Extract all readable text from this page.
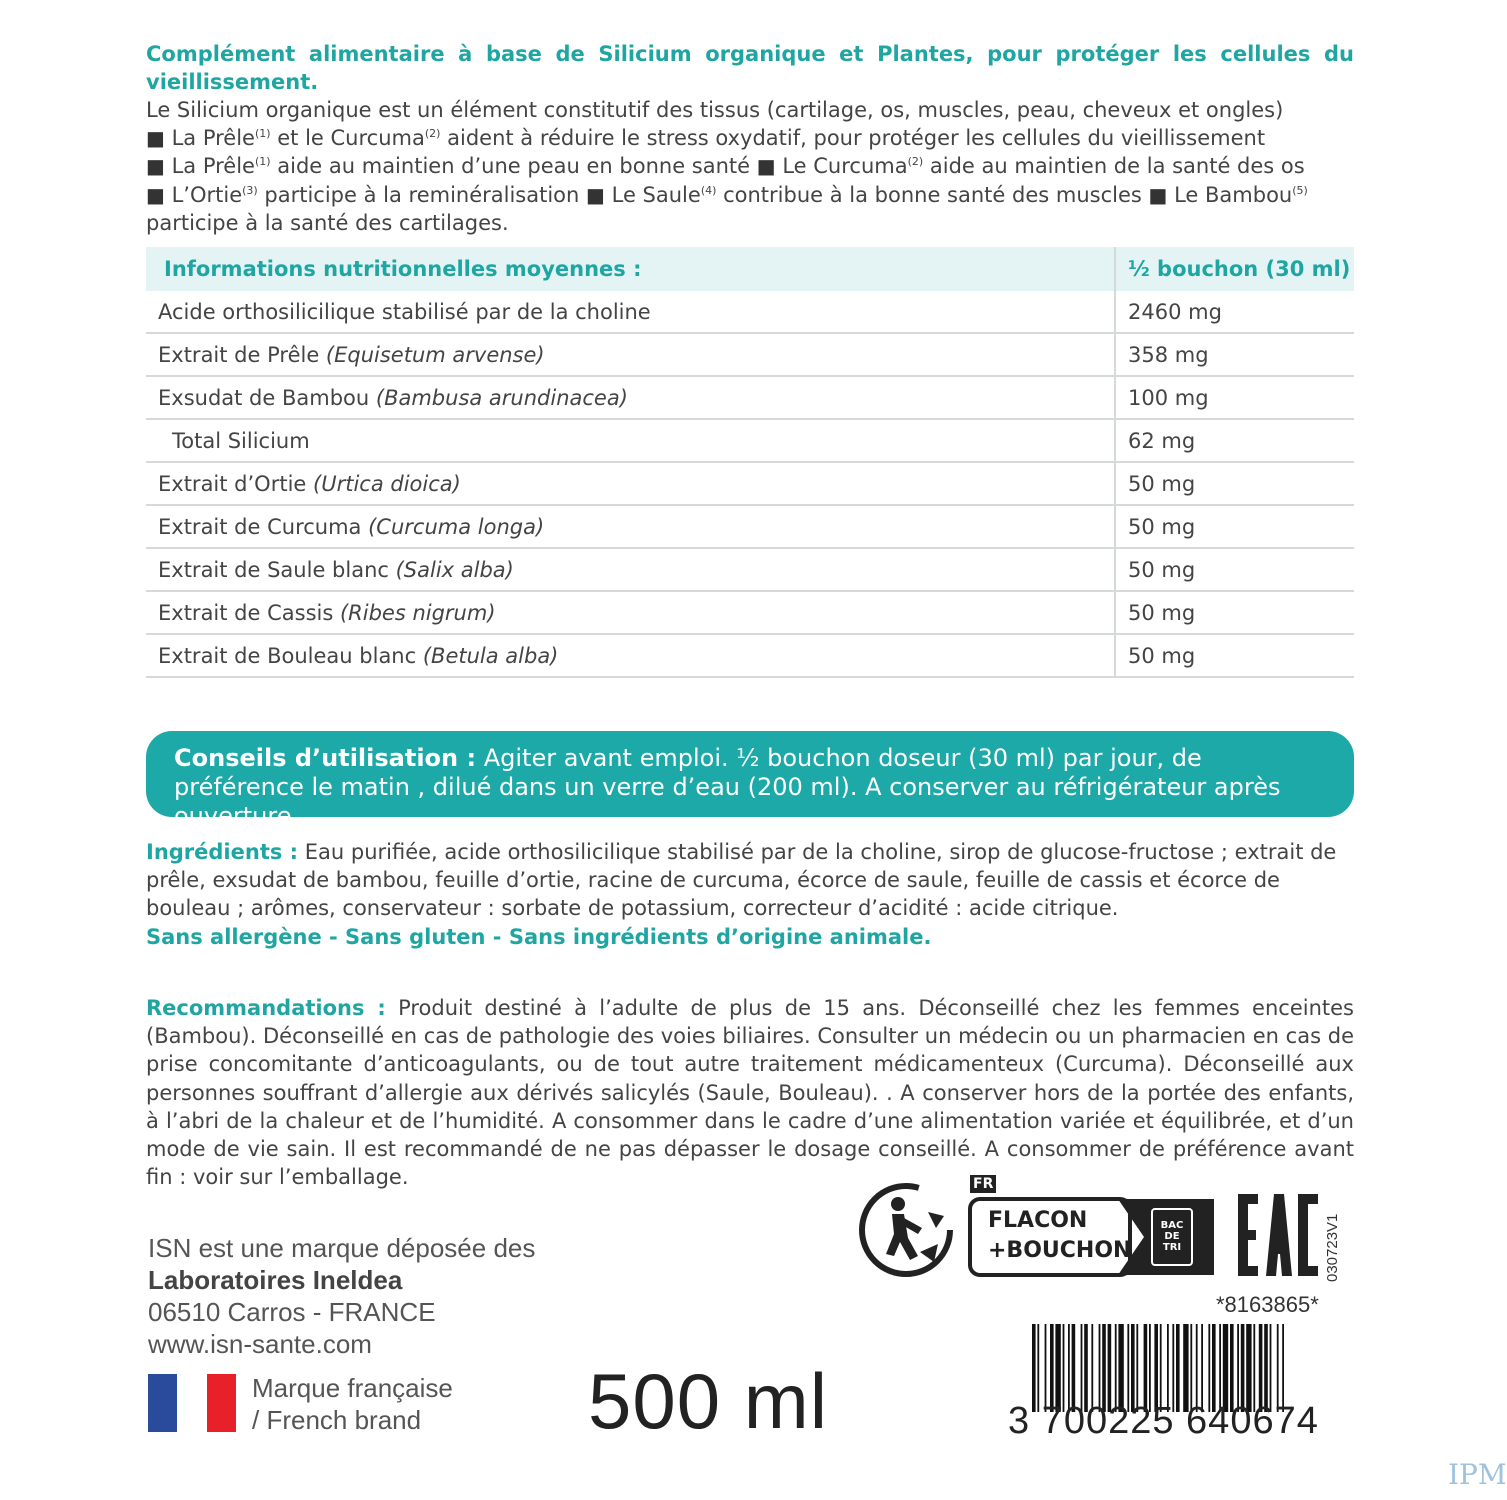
Complément alimentaire à base de Silicium organique et Plantes, pour protéger les cellules du vieillissement.

Le Silicium organique est un élément constitutif des tissus (cartilage, os, muscles, peau, cheveux et ongles)

■ La Prêle$^{(1)}$ et le Curcuma$^{(2)}$ aident à réduire le stress oxydatif, pour protéger les cellules du vieillissement

■ La Prêle$^{(1)}$ aide au maintien d’une peau en bonne santé ■ Le Curcuma$^{(2)}$ aide au maintien de la santé des os

■ L’Ortie$^{(3)}$ participe à la reminéralisation ■ Le Saule$^{(4)}$ contribue à la bonne santé des muscles ■ Le Bambou$^{(5)}$

participe à la santé des cartilages.

Informations nutritionnelles moyennes :	½ bouchon (30 ml)
Acide orthosilicilique stabilisé par de la choline	2460 mg
Extrait de Prêle (Equisetum arvense)	358 mg
Exsudat de Bambou (Bambusa arundinacea)	100 mg
Total Silicium	62 mg
Extrait d’Ortie (Urtica dioica)	50 mg
Extrait de Curcuma (Curcuma longa)	50 mg
Extrait de Saule blanc (Salix alba)	50 mg
Extrait de Cassis (Ribes nigrum)	50 mg
Extrait de Bouleau blanc (Betula alba)	50 mg
Conseils d’utilisation : Agiter avant emploi. ½ bouchon doseur (30 ml) par jour, de préférence le matin , dilué dans un verre d’eau (200 ml). A conserver au réfrigérateur après ouverture.
Ingrédients : Eau purifiée, acide orthosilicilique stabilisé par de la choline, sirop de glucose-fructose ; extrait de prêle, exsudat de bambou, feuille d’ortie, racine de curcuma, écorce de saule, feuille de cassis et écorce de bouleau ; arômes, conservateur : sorbate de potassium, correcteur d’acidité : acide citrique.
Sans allergène - Sans gluten - Sans ingrédients d’origine animale.
Recommandations : Produit destiné à l’adulte de plus de 15 ans. Déconseillé chez les femmes enceintes (Bambou). Déconseillé en cas de pathologie des voies biliaires. Consulter un médecin ou un pharmacien en cas de prise concomitante d’anticoagulants, ou de tout autre traitement médicamenteux (Curcuma). Déconseillé aux personnes souffrant d’allergie aux dérivés salicylés (Saule, Bouleau). . A conserver hors de la portée des enfants, à l’abri de la chaleur et de l’humidité. A consommer dans le cadre d’une alimentation variée et équilibrée, et d’un mode de vie sain. Il est recommandé de ne pas dépasser le dosage conseillé. A consommer de préférence avant fin : voir sur l’emballage.
ISN est une marque déposée des
Laboratoires Ineldea
06510 Carros - FRANCE
www.isn-sante.com
Marque française
/ French brand	500 ml
FR
FLACON
+BOUCHON
BAC
DE
TRI	030723V1
*8163865*
3 700225 640674
IPM
